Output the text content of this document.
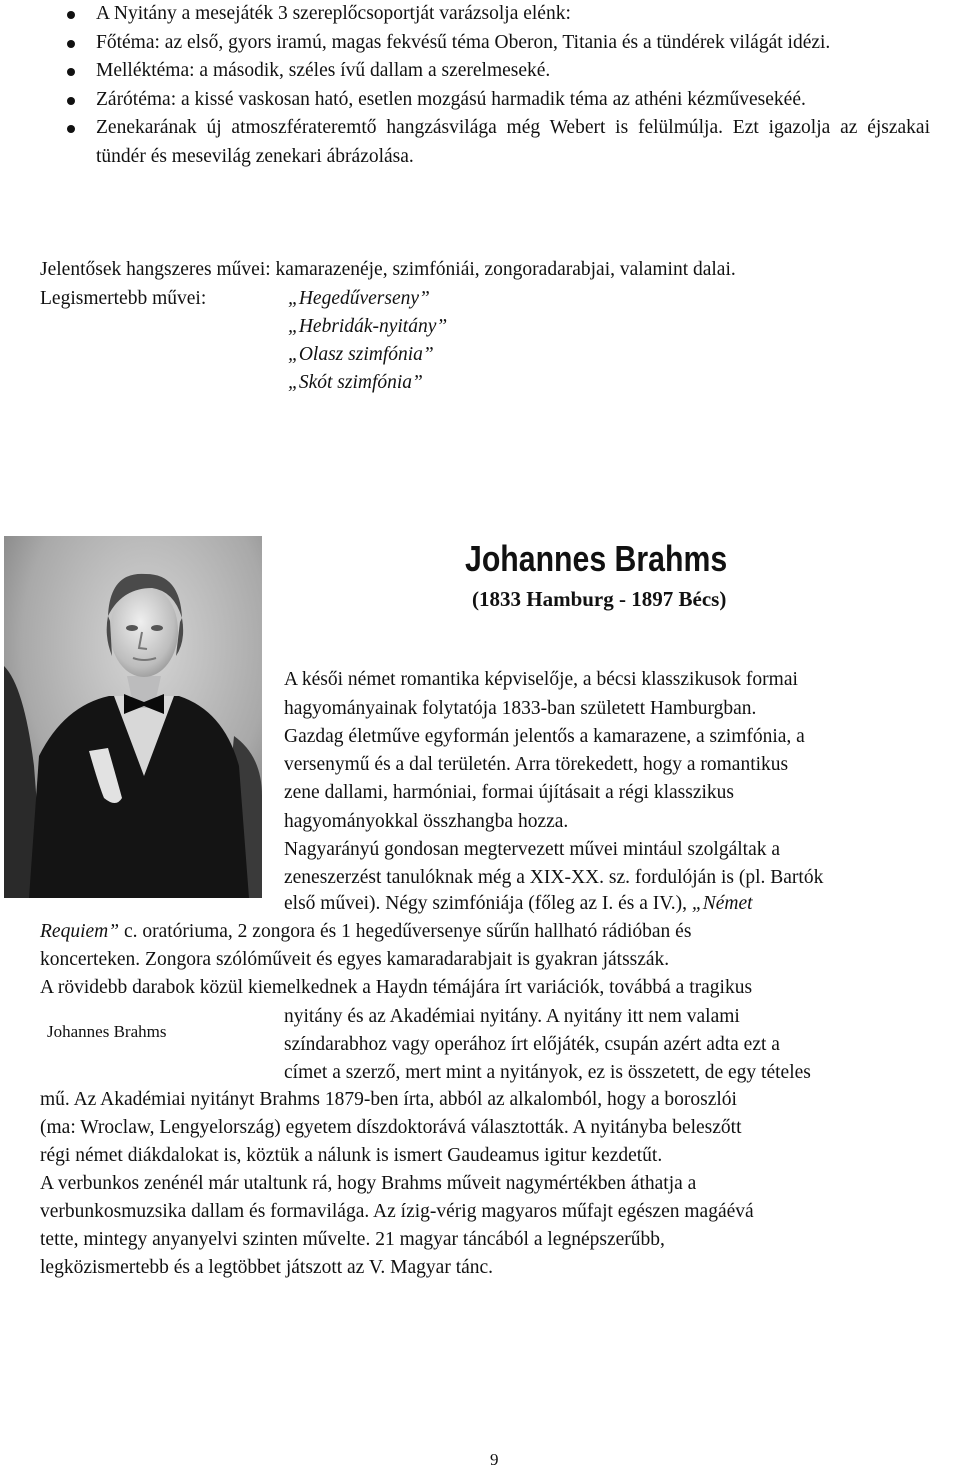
A Nyitány a mesejáték 3 szereplőcsoportját varázsolja elénk:
Főtéma: az első, gyors iramú, magas fekvésű téma Oberon, Titania és a tündérek világát idézi.
Melléktéma: a második, széles ívű dallam a szerelmeseké.
Zárótéma: a kissé vaskosan ható, esetlen mozgású harmadik téma az athéni kézművesekéé.
Zenekarának új atmoszférateremtő hangzásvilága még Webert is felülmúlja. Ezt igazolja az éjszakai tündér és mesevilág zenekari ábrázolása.
Jelentősek hangszeres művei: kamarazenéje, szimfóniái, zongoradarabjai, valamint dalai.
Legismertebb művei:	„Hegedűverseny”
„Hebridák-nyitány”
„Olasz szimfónia”
„Skót szimfónia”
Johannes Brahms
(1833 Hamburg - 1897 Bécs)
A késői német romantika képviselője, a bécsi klasszikusok formai
hagyományainak folytatója 1833-ban született Hamburgban.
Gazdag életműve egyformán jelentős a kamarazene, a szimfónia, a
versenymű és a dal területén. Arra törekedett, hogy a romantikus
zene dallami, harmóniai, formai újításait a régi klasszikus
hagyományokkal összhangba hozza.
Nagyarányú gondosan megtervezett művei mintául szolgáltak a
zeneszerzést tanulóknak még a XIX-XX. sz. fordulóján is (pl. Bartók
első művei). Négy szimfóniája (főleg az I. és a IV.), „Német
Requiem” c. oratóriuma, 2 zongora és 1 hegedűversenye sűrűn hallható rádióban és
koncerteken. Zongora szólóműveit és egyes kamaradarabjait is gyakran játsszák.
A rövidebb darabok közül kiemelkednek a Haydn témájára írt variációk, továbbá a tragikus
Johannes Brahms
nyitány és az Akadémiai nyitány. A nyitány itt nem valami
színdarabhoz vagy operához írt előjáték, csupán azért adta ezt a
címet a szerző, mert mint a nyitányok, ez is összetett, de egy tételes
mű. Az Akadémiai nyitányt Brahms 1879-ben írta, abból az alkalomból, hogy a boroszlói
(ma: Wroclaw, Lengyelország) egyetem díszdoktorává választották. A nyitányba beleszőtt
régi német diákdalokat is, köztük a nálunk is ismert Gaudeamus igitur kezdetűt.
A verbunkos zenénél már utaltunk rá, hogy Brahms műveit nagymértékben áthatja a
verbunkosmuzsika dallam és formavilága. Az ízig-vérig magyaros műfajt egészen magáévá
tette, mintegy anyanyelvi szinten művelte. 21 magyar táncából a legnépszerűbb,
legközismertebb és a legtöbbet játszott az V. Magyar tánc.
9
